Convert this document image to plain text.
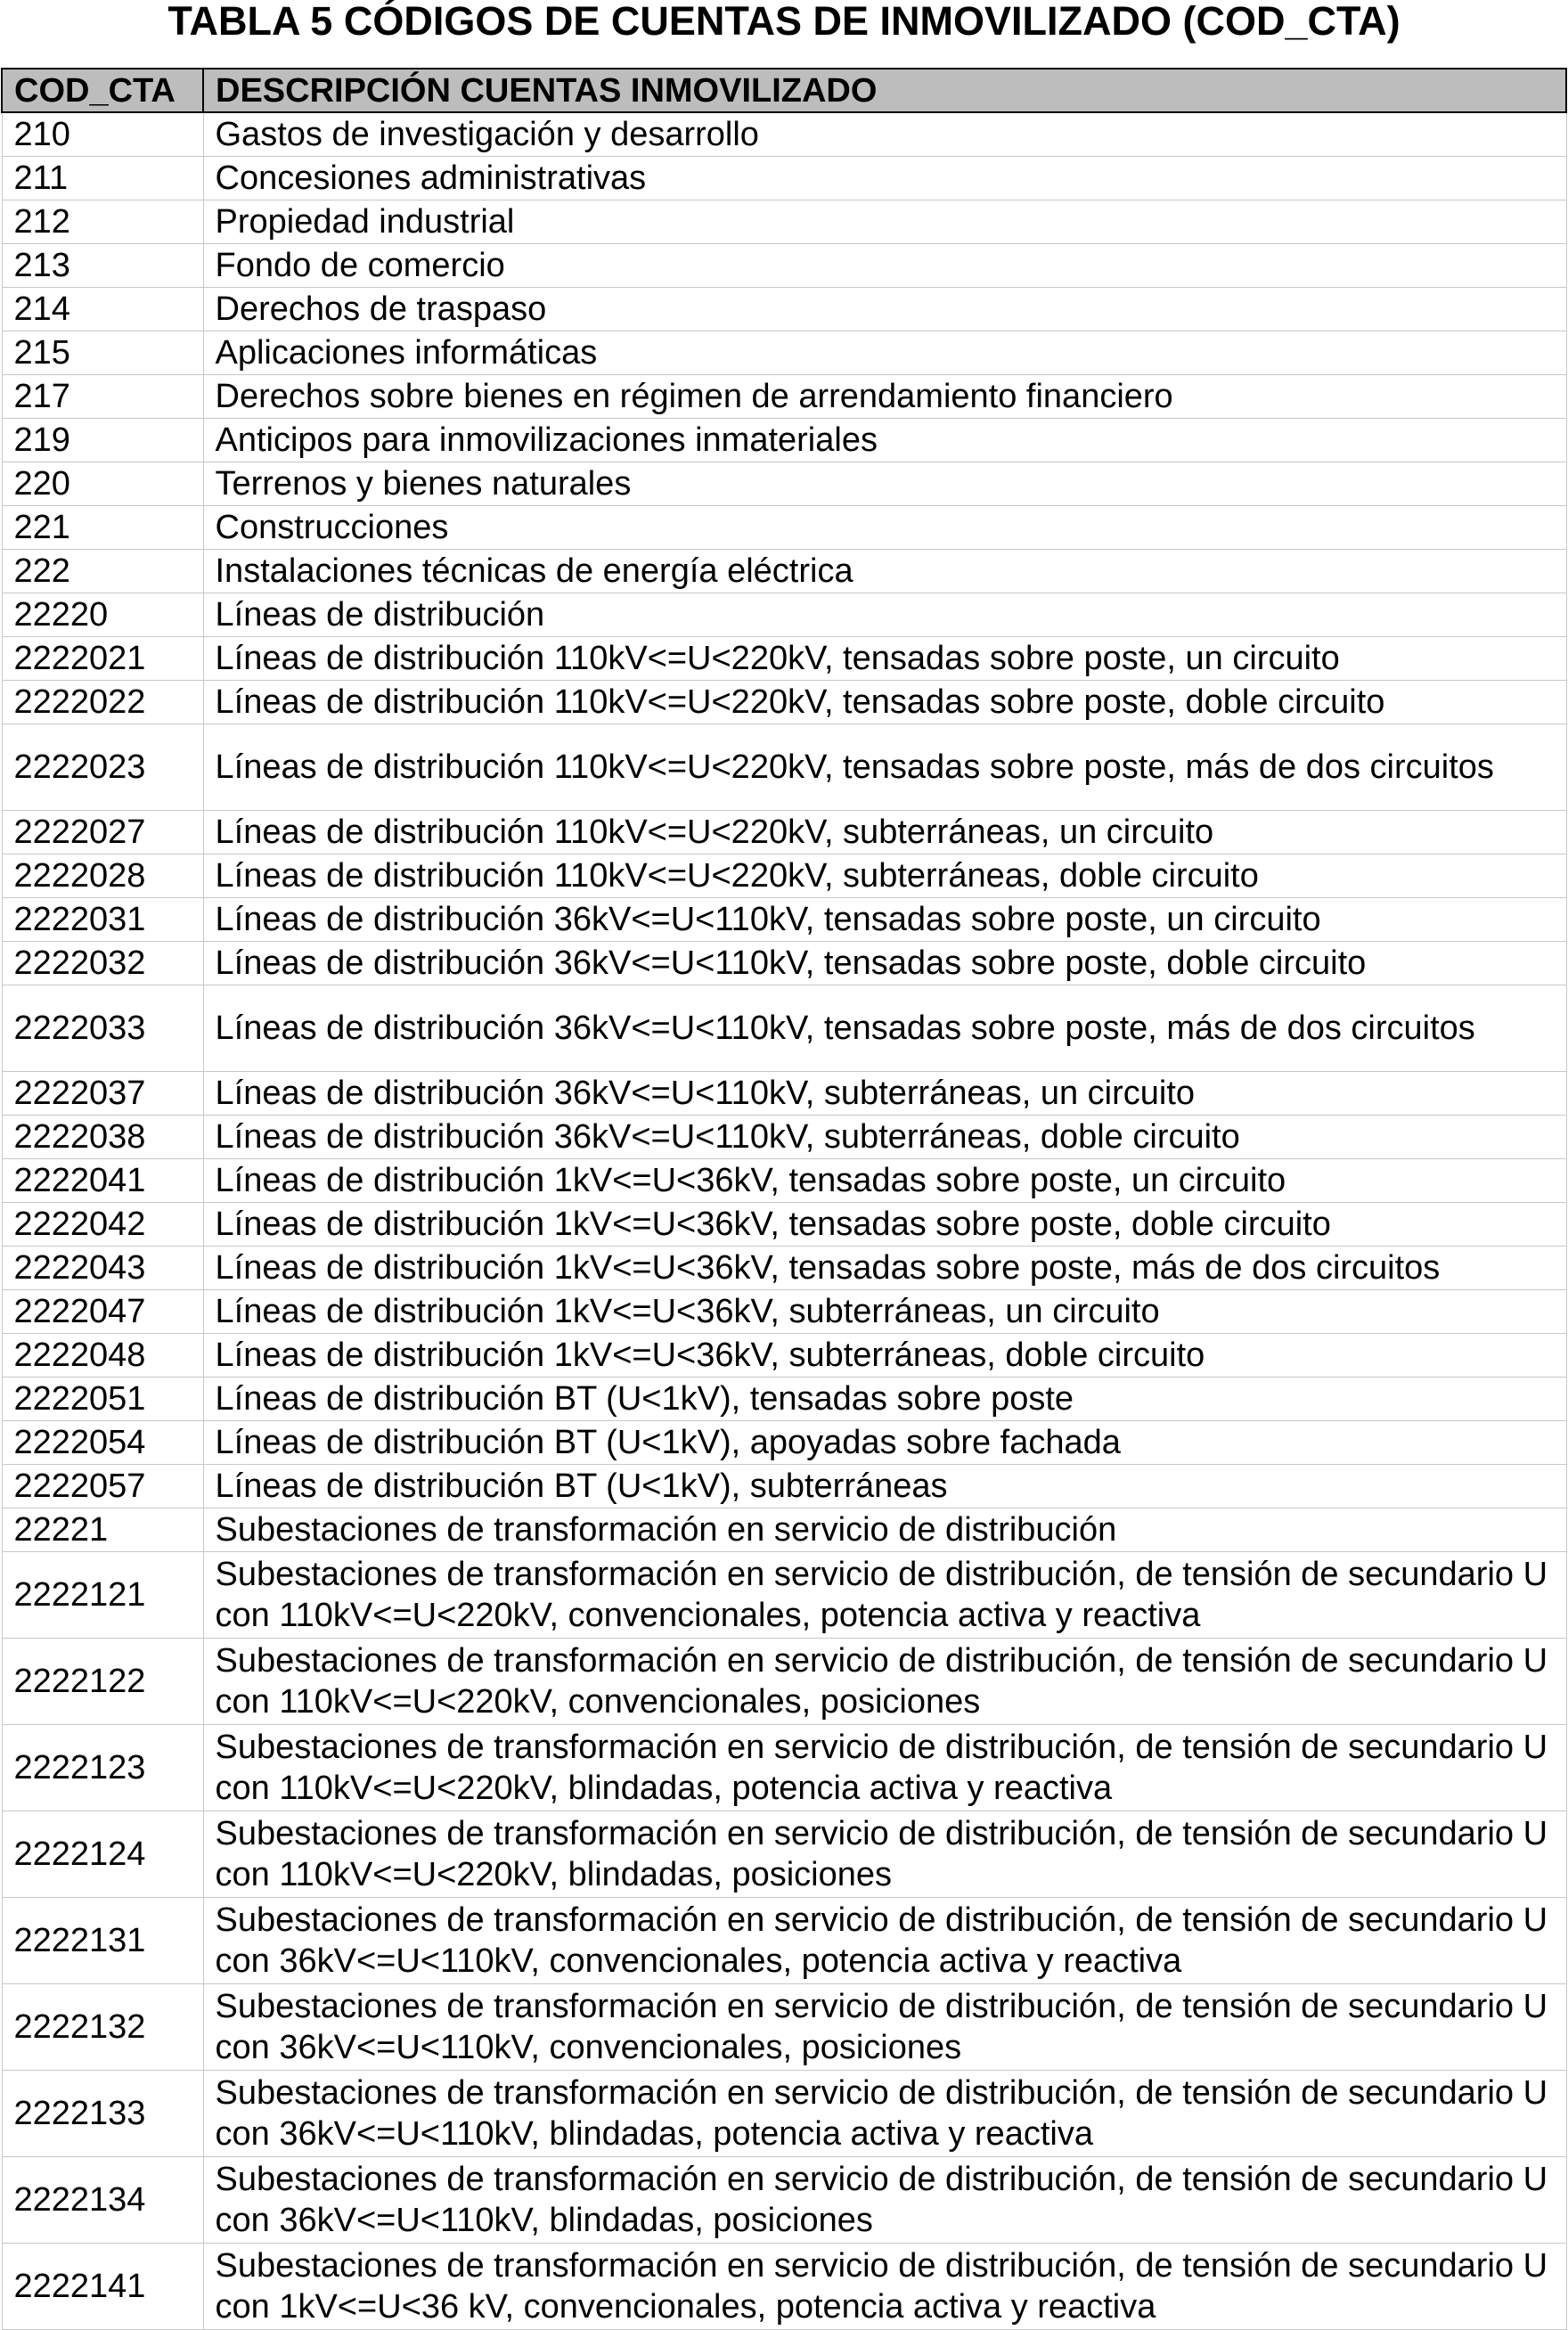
TABLA 5 CÓDIGOS DE CUENTAS DE INMOVILIZADO (COD_CTA)
COD_CTA	DESCRIPCIÓN CUENTAS INMOVILIZADO
210	Gastos de investigación y desarrollo
211	Concesiones administrativas
212	Propiedad industrial
213	Fondo de comercio
214	Derechos de traspaso
215	Aplicaciones informáticas
217	Derechos sobre bienes en régimen de arrendamiento financiero
219	Anticipos para inmovilizaciones inmateriales
220	Terrenos y bienes naturales
221	Construcciones
222	Instalaciones técnicas de energía eléctrica
22220	Líneas de distribución
2222021	Líneas de distribución 110kV<=U<220kV, tensadas sobre poste, un circuito
2222022	Líneas de distribución 110kV<=U<220kV, tensadas sobre poste, doble circuito
2222023	Líneas de distribución 110kV<=U<220kV, tensadas sobre poste, más de dos circuitos
2222027	Líneas de distribución 110kV<=U<220kV, subterráneas, un circuito
2222028	Líneas de distribución 110kV<=U<220kV, subterráneas, doble circuito
2222031	Líneas de distribución 36kV<=U<110kV, tensadas sobre poste, un circuito
2222032	Líneas de distribución 36kV<=U<110kV, tensadas sobre poste, doble circuito
2222033	Líneas de distribución 36kV<=U<110kV, tensadas sobre poste, más de dos circuitos
2222037	Líneas de distribución 36kV<=U<110kV, subterráneas, un circuito
2222038	Líneas de distribución 36kV<=U<110kV, subterráneas, doble circuito
2222041	Líneas de distribución 1kV<=U<36kV, tensadas sobre poste, un circuito
2222042	Líneas de distribución 1kV<=U<36kV, tensadas sobre poste, doble circuito
2222043	Líneas de distribución 1kV<=U<36kV, tensadas sobre poste, más de dos circuitos
2222047	Líneas de distribución 1kV<=U<36kV, subterráneas, un circuito
2222048	Líneas de distribución 1kV<=U<36kV, subterráneas, doble circuito
2222051	Líneas de distribución BT (U<1kV), tensadas sobre poste
2222054	Líneas de distribución BT (U<1kV), apoyadas sobre fachada
2222057	Líneas de distribución BT (U<1kV), subterráneas
22221	Subestaciones de transformación en servicio de distribución
2222121	Subestaciones de transformación en servicio de distribución, de tensión de secundario U con 110kV<=U<220kV, convencionales, potencia activa y reactiva
2222122	Subestaciones de transformación en servicio de distribución, de tensión de secundario U con 110kV<=U<220kV, convencionales, posiciones
2222123	Subestaciones de transformación en servicio de distribución, de tensión de secundario U con 110kV<=U<220kV, blindadas, potencia activa y reactiva
2222124	Subestaciones de transformación en servicio de distribución, de tensión de secundario U con 110kV<=U<220kV, blindadas, posiciones
2222131	Subestaciones de transformación en servicio de distribución, de tensión de secundario U con 36kV<=U<110kV, convencionales, potencia activa y reactiva
2222132	Subestaciones de transformación en servicio de distribución, de tensión de secundario U con 36kV<=U<110kV, convencionales, posiciones
2222133	Subestaciones de transformación en servicio de distribución, de tensión de secundario U con 36kV<=U<110kV, blindadas, potencia activa y reactiva
2222134	Subestaciones de transformación en servicio de distribución, de tensión de secundario U con 36kV<=U<110kV, blindadas, posiciones
2222141	Subestaciones de transformación en servicio de distribución, de tensión de secundario U con 1kV<=U<36 kV, convencionales, potencia activa y reactiva
